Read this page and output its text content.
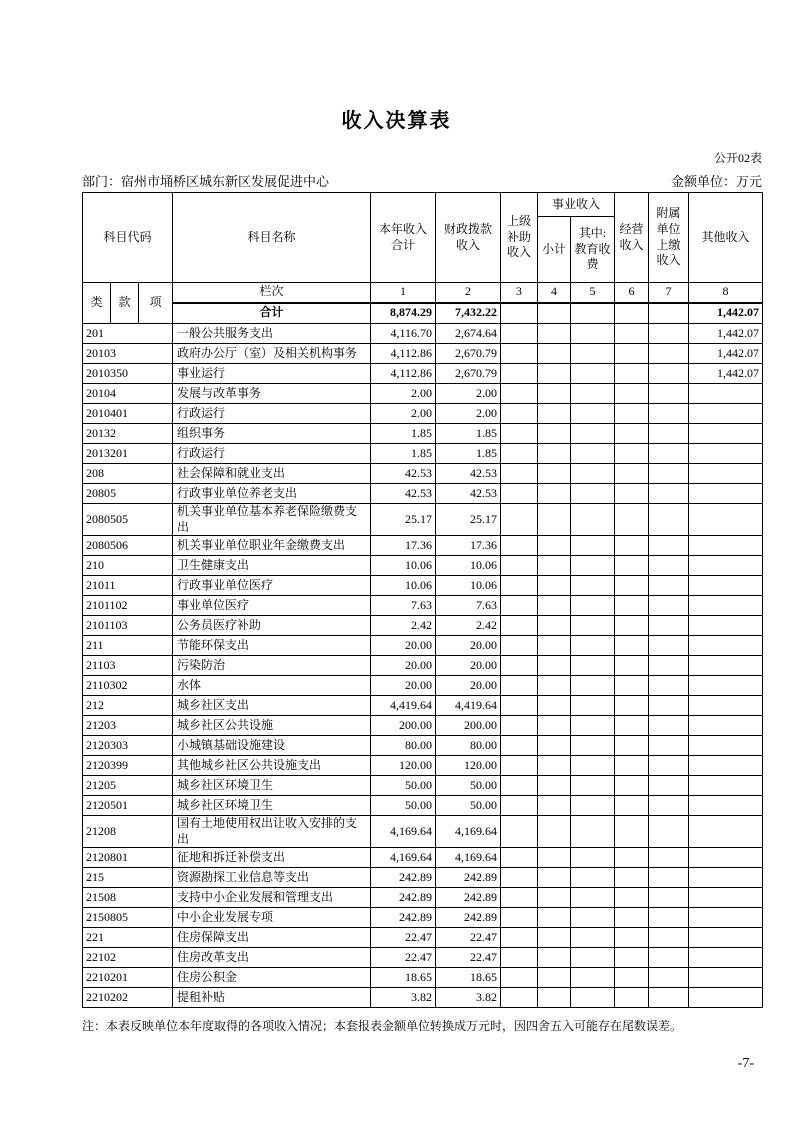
收入决算表
公开02表
部门：宿州市埇桥区城东新区发展促进中心	金额单位：万元
科目代码			科目名称	本年收入合计	财政拨款收入	上级补助收入	事业收入		经营收入	附属单位上缴收入	其他收入
							小计	其中:教育收费			
类	款	项	栏次	1	2	3	4	5	6	7	8
			合计	8,874.29	7,432.22						1,442.07
201			一般公共服务支出	4,116.70	2,674.64						1,442.07
20103			政府办公厅（室）及相关机构事务	4,112.86	2,670.79						1,442.07
2010350			事业运行	4,112.86	2,670.79						1,442.07
20104			发展与改革事务	2.00	2.00						
2010401			行政运行	2.00	2.00						
20132			组织事务	1.85	1.85						
2013201			行政运行	1.85	1.85						
208			社会保障和就业支出	42.53	42.53						
20805			行政事业单位养老支出	42.53	42.53						
2080505			机关事业单位基本养老保险缴费支出	25.17	25.17						
2080506			机关事业单位职业年金缴费支出	17.36	17.36						
210			卫生健康支出	10.06	10.06						
21011			行政事业单位医疗	10.06	10.06						
2101102			事业单位医疗	7.63	7.63						
2101103			公务员医疗补助	2.42	2.42						
211			节能环保支出	20.00	20.00						
21103			污染防治	20.00	20.00						
2110302			水体	20.00	20.00						
212			城乡社区支出	4,419.64	4,419.64						
21203			城乡社区公共设施	200.00	200.00						
2120303			小城镇基础设施建设	80.00	80.00						
2120399			其他城乡社区公共设施支出	120.00	120.00						
21205			城乡社区环境卫生	50.00	50.00						
2120501			城乡社区环境卫生	50.00	50.00						
21208			国有土地使用权出让收入安排的支出	4,169.64	4,169.64						
2120801			征地和拆迁补偿支出	4,169.64	4,169.64						
215			资源勘探工业信息等支出	242.89	242.89						
21508			支持中小企业发展和管理支出	242.89	242.89						
2150805			中小企业发展专项	242.89	242.89						
221			住房保障支出	22.47	22.47						
22102			住房改革支出	22.47	22.47						
2210201			住房公积金	18.65	18.65						
2210202			提租补贴	3.82	3.82						
注：本表反映单位本年度取得的各项收入情况；本套报表金额单位转换成万元时，因四舍五入可能存在尾数误差。
-7-
